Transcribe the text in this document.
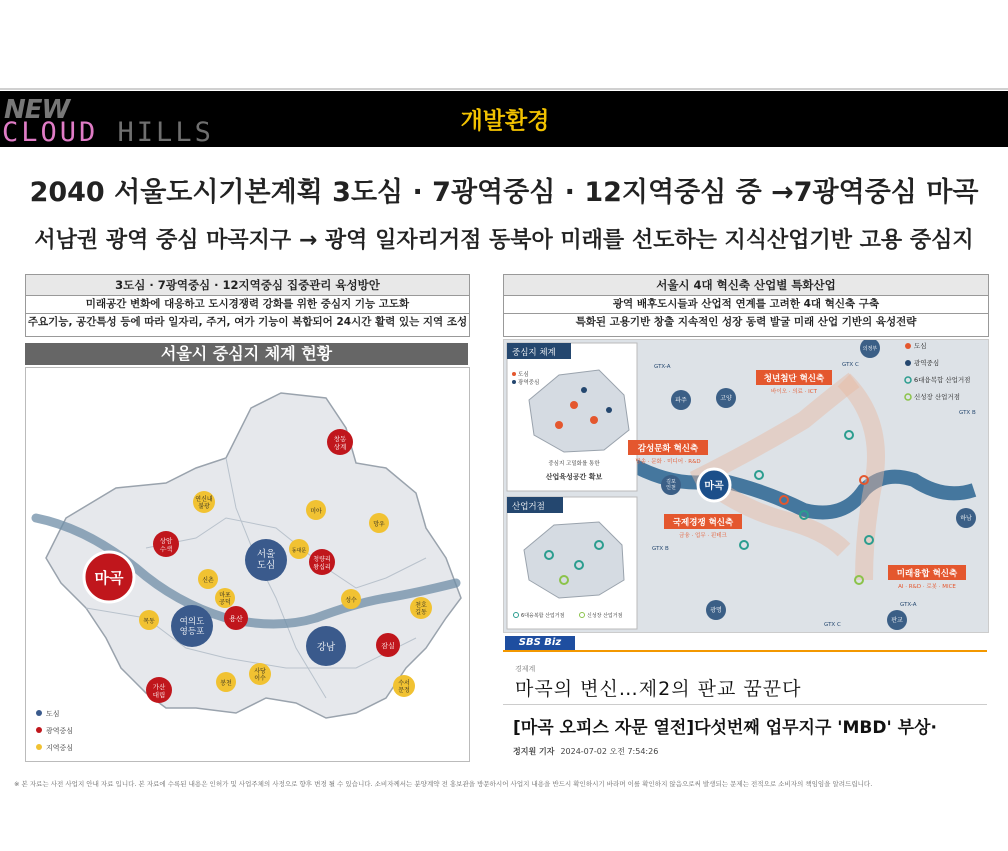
NEW
CLOUD HILLS	개발환경
2040 서울도시기본계획 3도심 · 7광역중심 · 12지역중심 중 →7광역중심 마곡
서남권 광역 중심 마곡지구 → 광역 일자리거점 동북아 미래를 선도하는 지식산업기반 고용 중심지
3도심 · 7광역중심 · 12지역중심 집중관리 육성방안
미래공간 변화에 대응하고 도시경쟁력 강화를 위한 중심지 기능 고도화
주요기능, 공간특성 등에 따라 일자리, 주거, 여가 기능이 복합되어 24시간 활력 있는 지역 조성
서울시 4대 혁신축 산업별 특화산업
광역 배후도시들과 산업적 연계를 고려한 4대 혁신축 구축
특화된 고용기반 창출 지속적인 성장 동력 발굴 미래 산업 기반의 육성전략
서울시 중심지 체계 현황
마곡
서울 도심
여의도 영등포
강남
용산
상암 수색
청량리 왕십리
창동 상계
잠실
가산 대림
연신내 불광
미아
망우
신촌
마포 공덕
동대문
성수
천호 길동
목동
봉천
사당 이수
수서 문정
도심
광역중심
지역중심
중심지 체계
도심
광역중심
중심지 고밀화를 통한
산업육성공간 확보
산업거점
6대융복합 산업거점	신성장 산업거점
청년첨단 혁신축
바이오 · 의료 · ICT
감성문화 혁신축
방송 · 문화 · 미디어 · R&D
국제경쟁 혁신축
금융 · 업무 · 핀테크
미래융합 혁신축
AI · R&D · 로봇 · MICE
마곡
파주	고양
의정부
하남
김포 인천
광명
판교
GTX-A	GTX C
GTX B
GTX B
GTX-A
GTX C
도심
광역중심
6대융복합 산업거점
신성장 산업거점
SBS Biz
경제계
마곡의 변신…제2의 판교 꿈꾼다
[마곡 오피스 자문 열전]다섯번째 업무지구 'MBD' 부상·
정지원 기자 2024-07-02 오전 7:54:26
※ 본 자료는 사전 사업지 안내 자료 입니다. 본 자료에 수록된 내용은 인허가 및 사업주체의 사정으로 향후 변경 될 수 있습니다. 소비자께서는 분양계약 전 홍보관을 방문하시어 사업지 내용을 반드시 확인하시기 바라며 이를 확인하지 않음으로써 발생되는 문제는 전적으로 소비자의 책임임을 알려드립니다.
